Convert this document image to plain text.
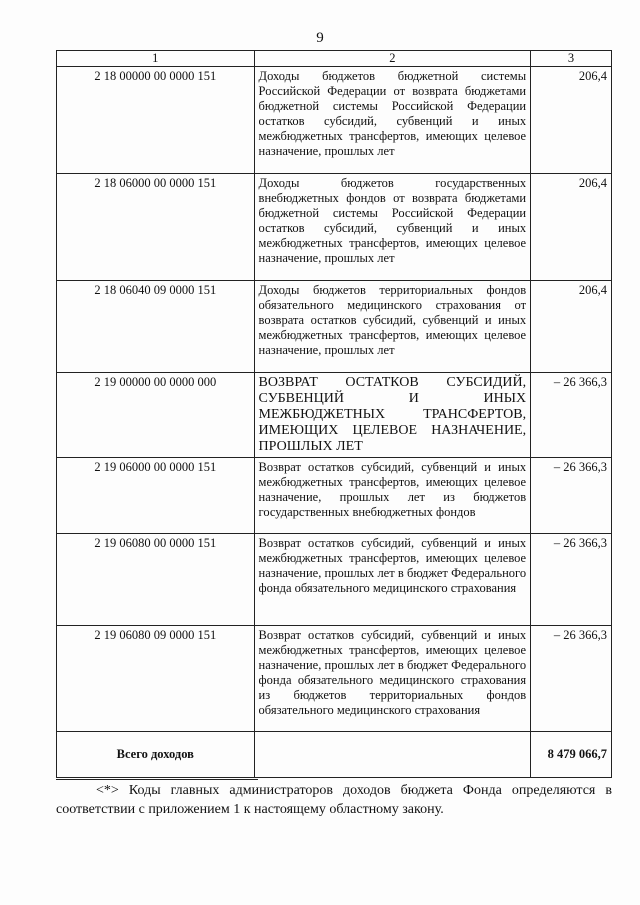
9
1	2	3
2 18 00000 00 0000 151	Доходы бюджетов бюджетной системы Российской Федерации от возврата бюджетами бюджетной системы Российской Федерации остатков субсидий, субвенций и иных межбюджетных трансфертов, имеющих целевое назначение, прошлых лет	206,4
2 18 06000 00 0000 151	Доходы бюджетов государственных внебюджетных фондов от возврата бюджетами бюджетной системы Российской Федерации остатков субсидий, субвенций и иных межбюджетных трансфертов, имеющих целевое назначение, прошлых лет	206,4
2 18 06040 09 0000 151	Доходы бюджетов территориальных фондов обязательного медицинского страхования от возврата остатков субсидий, субвенций и иных межбюджетных трансфертов, имеющих целевое назначение, прошлых лет	206,4
2 19 00000 00 0000 000	ВОЗВРАТ ОСТАТКОВ СУБСИДИЙ, СУБВЕНЦИЙ И ИНЫХ МЕЖБЮДЖЕТНЫХ ТРАНСФЕРТОВ, ИМЕЮЩИХ ЦЕЛЕВОЕ НАЗНАЧЕНИЕ, ПРОШЛЫХ ЛЕТ	– 26 366,3
2 19 06000 00 0000 151	Возврат остатков субсидий, субвенций и иных межбюджетных трансфертов, имеющих целевое назначение, прошлых лет из бюджетов государственных внебюджетных фондов	– 26 366,3
2 19 06080 00 0000 151	Возврат остатков субсидий, субвенций и иных межбюджетных трансфертов, имеющих целевое назначение, прошлых лет в бюджет Федерального фонда обязательного медицинского страхования	– 26 366,3
2 19 06080 09 0000 151	Возврат остатков субсидий, субвенций и иных межбюджетных трансфертов, имеющих целевое назначение, прошлых лет в бюджет Федерального фонда обязательного медицинского страхования из бюджетов территориальных фондов обязательного медицинского страхования	– 26 366,3
Всего доходов		8 479 066,7
<*> Коды главных администраторов доходов бюджета Фонда определяются в соответствии с приложением 1 к настоящему областному закону.
